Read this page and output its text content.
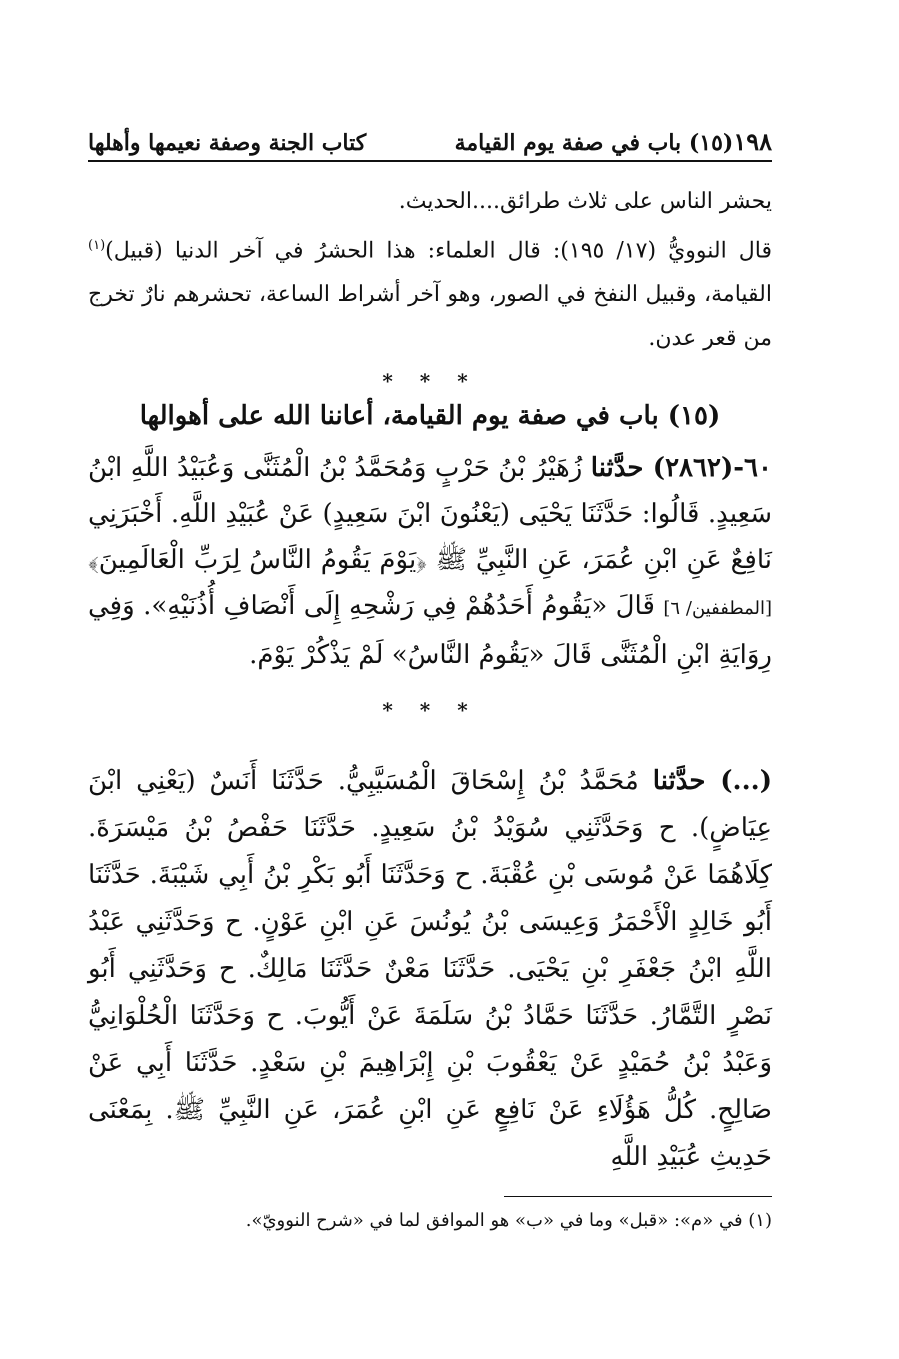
١٩٨
(١٥) باب في صفة يوم القيامة
كتاب الجنة وصفة نعيمها وأهلها

يحشر الناس على ثلاث طرائق....الحديث.

قال النوويُّ (١٧/ ١٩٥): قال العلماء: هذا الحشرُ في آخر الدنيا (قبيل)$^{(١)}$ القيامة، وقبيل النفخ في الصور، وهو آخر أشراط الساعة، تحشرهم نارٌ تخرج من قعر عدن.

* * *
(١٥) باب في صفة يوم القيامة، أعاننا الله على أهوالها

٦٠-(٢٨٦٢) حدَّثنا زُهَيْرُ بْنُ حَرْبٍ وَمُحَمَّدُ بْنُ الْمُثَنَّى وَعُبَيْدُ اللَّهِ ابْنُ سَعِيدٍ. قَالُوا: حَدَّثَنَا يَحْيَى (يَعْنُونَ ابْنَ سَعِيدٍ) عَنْ عُبَيْدِ اللَّهِ. أَخْبَرَنِي نَافِعٌ عَنِ ابْنِ عُمَرَ، عَنِ النَّبِيِّ ﷺ ﴿يَوْمَ يَقُومُ النَّاسُ لِرَبِّ الْعَالَمِينَ﴾ [المطففين/ ٦] قَالَ «يَقُومُ أَحَدُهُمْ فِي رَشْحِهِ إِلَى أَنْصَافِ أُذُنَيْهِ». وَفِي رِوَايَةِ ابْنِ الْمُثَنَّى قَالَ «يَقُومُ النَّاسُ» لَمْ يَذْكُرْ يَوْمَ.

* * *

(...) حدَّثنا مُحَمَّدُ بْنُ إِسْحَاقَ الْمُسَيَّبِيُّ. حَدَّثَنَا أَنَسٌ (يَعْنِي ابْنَ عِيَاضٍ). ح وَحَدَّثَنِي سُوَيْدُ بْنُ سَعِيدٍ. حَدَّثَنَا حَفْصُ بْنُ مَيْسَرَةَ. كِلَاهُمَا عَنْ مُوسَى بْنِ عُقْبَةَ. ح وَحَدَّثَنَا أَبُو بَكْرِ بْنُ أَبِي شَيْبَةَ. حَدَّثَنَا أَبُو خَالِدٍ الْأَحْمَرُ وَعِيسَى بْنُ يُونُسَ عَنِ ابْنِ عَوْنٍ. ح وَحَدَّثَنِي عَبْدُ اللَّهِ ابْنُ جَعْفَرِ بْنِ يَحْيَى. حَدَّثَنَا مَعْنٌ حَدَّثَنَا مَالِكٌ. ح وَحَدَّثَنِي أَبُو نَصْرٍ التَّمَّارُ. حَدَّثَنَا حَمَّادُ بْنُ سَلَمَةَ عَنْ أَيُّوبَ. ح وَحَدَّثَنَا الْحُلْوَانِيُّ وَعَبْدُ بْنُ حُمَيْدٍ عَنْ يَعْقُوبَ بْنِ إِبْرَاهِيمَ بْنِ سَعْدٍ. حَدَّثَنَا أَبِي عَنْ صَالِحٍ. كُلُّ هَؤُلَاءِ عَنْ نَافِعٍ عَنِ ابْنِ عُمَرَ، عَنِ النَّبِيِّ ﷺ. بِمَعْنَى حَدِيثِ عُبَيْدِ اللَّهِ

(١) في «م»: «قبل» وما في «ب» هو الموافق لما في «شرح النوويّ».
